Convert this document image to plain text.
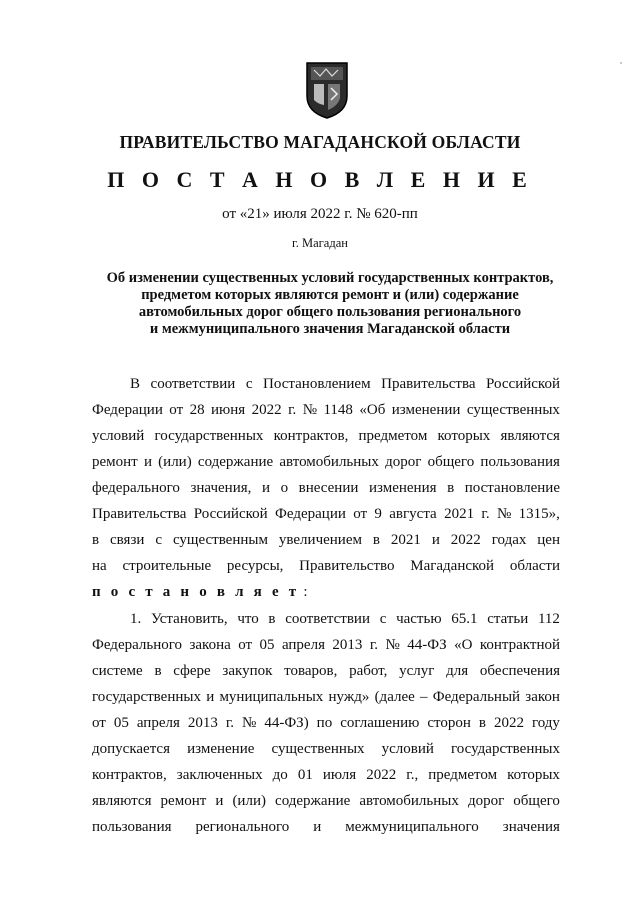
ПРАВИТЕЛЬСТВО МАГАДАНСКОЙ ОБЛАСТИ
П О С Т А Н О В Л Е Н И Е
от «21» июля 2022 г. № 620-пп
г. Магадан
Об изменении существенных условий государственных контрактов,
предметом которых являются ремонт и (или) содержание
автомобильных дорог общего пользования регионального
и межмуниципального значения Магаданской области
В соответствии с Постановлением Правительства Российской
Федерации от 28 июня 2022 г. № 1148 «Об изменении существенных
условий государственных контрактов, предметом которых являются
ремонт и (или) содержание автомобильных дорог общего пользования
федерального значения, и о внесении изменения в постановление
Правительства Российской Федерации от 9 августа 2021 г. № 1315»,
в связи с существенным увеличением в 2021 и 2022 годах цен
на строительные ресурсы, Правительство Магаданской области
п о с т а н о в л я е т :
1. Установить, что в соответствии с частью 65.1 статьи 112
Федерального закона от 05 апреля 2013 г. № 44-ФЗ «О контрактной
системе в сфере закупок товаров, работ, услуг для обеспечения
государственных и муниципальных нужд» (далее – Федеральный закон
от 05 апреля 2013 г. № 44-ФЗ) по соглашению сторон в 2022 году
допускается изменение существенных условий государственных
контрактов, заключенных до 01 июля 2022 г., предметом которых
являются ремонт и (или) содержание автомобильных дорог общего
пользования регионального и межмуниципального значения
